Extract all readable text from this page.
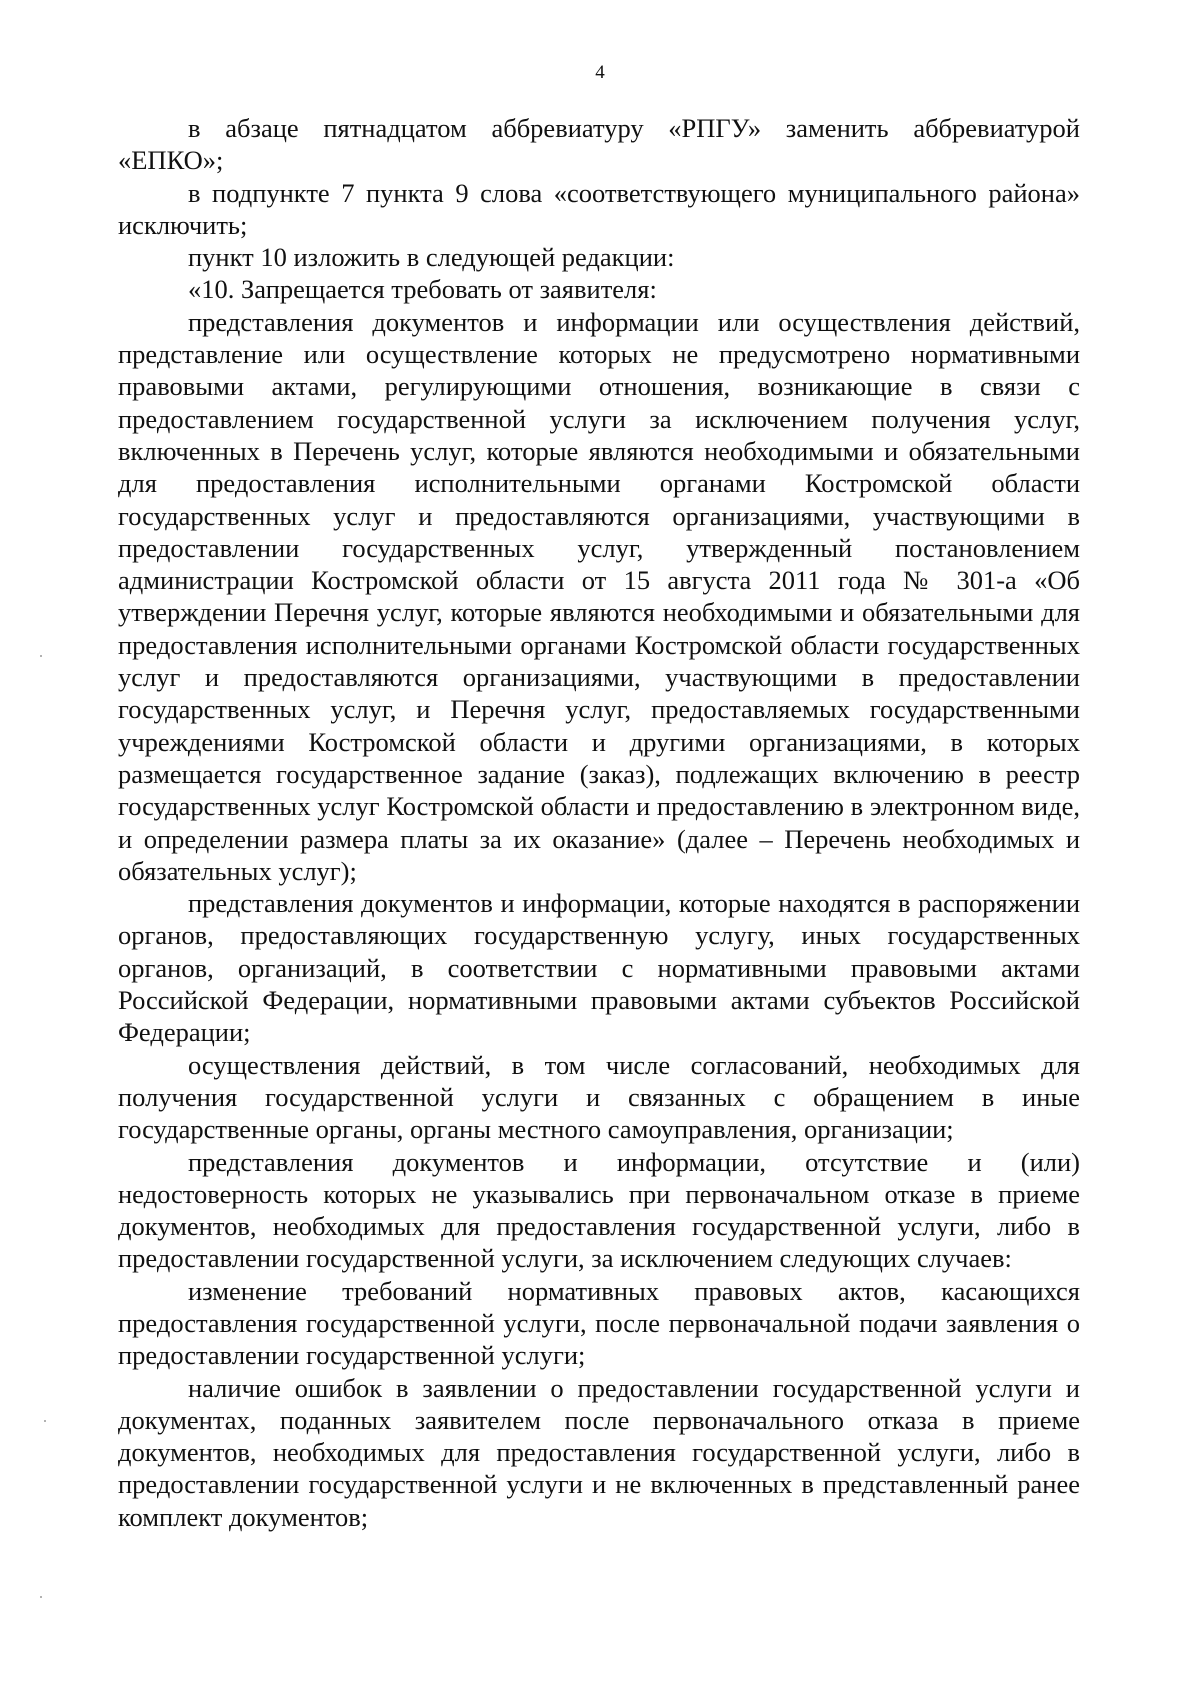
4

в абзаце пятнадцатом аббревиатуру «РПГУ» заменить аббревиатурой «ЕПКО»;

в подпункте 7 пункта 9 слова «соответствующего муниципального района» исключить;

пункт 10 изложить в следующей редакции:

«10. Запрещается требовать от заявителя:

представления документов и информации или осуществления действий, представление или осуществление которых не предусмотрено нормативными правовыми актами, регулирующими отношения, возникающие в связи с предоставлением государственной услуги за исключением получения услуг, включенных в Перечень услуг, которые являются необходимыми и обязательными для предоставления исполнительными органами Костромской области государственных услуг и предоставляются организациями, участвующими в предоставлении государственных услуг, утвержденный постановлением администрации Костромской области от 15 августа 2011 года № 301-а «Об утверждении Перечня услуг, которые являются необходимыми и обязательными для предоставления исполнительными органами Костромской области государственных услуг и предоставляются организациями, участвующими в предоставлении государственных услуг, и Перечня услуг, предоставляемых государственными учреждениями Костромской области и другими организациями, в которых размещается государственное задание (заказ), подлежащих включению в реестр государственных услуг Костромской области и предоставлению в электронном виде, и определении размера платы за их оказание» (далее – Перечень необходимых и обязательных услуг);

представления документов и информации, которые находятся в распоряжении органов, предоставляющих государственную услугу, иных государственных органов, организаций, в соответствии с нормативными правовыми актами Российской Федерации, нормативными правовыми актами субъектов Российской Федерации;

осуществления действий, в том числе согласований, необходимых для получения государственной услуги и связанных с обращением в иные государственные органы, органы местного самоуправления, организации;

представления документов и информации, отсутствие и (или) недостоверность которых не указывались при первоначальном отказе в приеме документов, необходимых для предоставления государственной услуги, либо в предоставлении государственной услуги, за исключением следующих случаев:

изменение требований нормативных правовых актов, касающихся предоставления государственной услуги, после первоначальной подачи заявления о предоставлении государственной услуги;

наличие ошибок в заявлении о предоставлении государственной услуги и документах, поданных заявителем после первоначального отказа в приеме документов, необходимых для предоставления государственной услуги, либо в предоставлении государственной услуги и не включенных в представленный ранее комплект документов;
